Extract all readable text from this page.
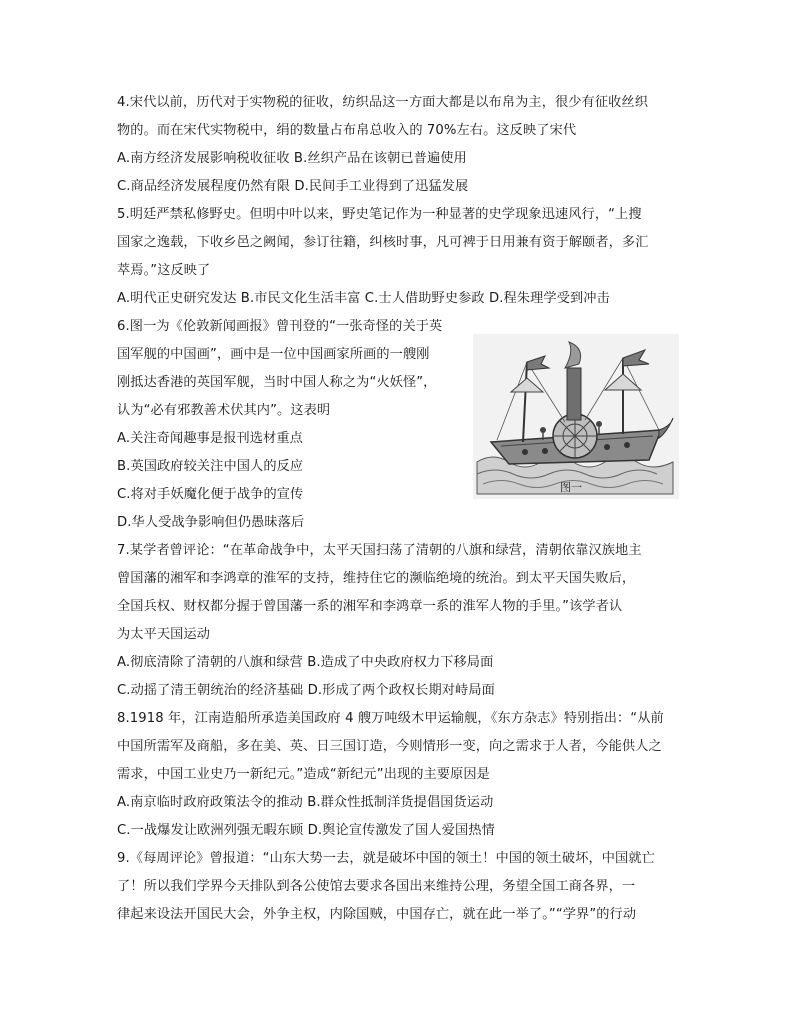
4.宋代以前，历代对于实物税的征收，纺织品这一方面大都是以布帛为主，很少有征收丝织
物的。而在宋代实物税中，绢的数量占布帛总收入的 70%左右。这反映了宋代
A.南方经济发展影响税收征收 B.丝织产品在该朝已普遍使用
C.商品经济发展程度仍然有限 D.民间手工业得到了迅猛发展
5.明廷严禁私修野史。但明中叶以来，野史笔记作为一种显著的史学现象迅速风行，“上搜
国家之逸载，下收乡邑之阙闻，参订往籍，纠核时事，凡可裨于日用兼有资于解颐者，多汇
萃焉。”这反映了
A.明代正史研究发达 B.市民文化生活丰富 C.士人借助野史参政 D.程朱理学受到冲击
6.图一为《伦敦新闻画报》曾刊登的“一张奇怪的关于英
国军舰的中国画”，画中是一位中国画家所画的一艘刚
刚抵达香港的英国军舰，当时中国人称之为“火妖怪”，
认为“必有邪教善术伏其内”。这表明
A.关注奇闻趣事是报刊选材重点
B.英国政府较关注中国人的反应
C.将对手妖魔化便于战争的宣传
D.华人受战争影响但仍愚昧落后
7.某学者曾评论：“在革命战争中，太平天国扫荡了清朝的八旗和绿营，清朝依靠汉族地主
曾国藩的湘军和李鸿章的淮军的支持，维持住它的濒临绝境的统治。到太平天国失败后，
全国兵权、财权都分握于曾国藩一系的湘军和李鸿章一系的淮军人物的手里。”该学者认
为太平天国运动
A.彻底清除了清朝的八旗和绿营 B.造成了中央政府权力下移局面
C.动摇了清王朝统治的经济基础 D.形成了两个政权长期对峙局面
8.1918 年，江南造船所承造美国政府 4 艘万吨级木甲运输舰，《东方杂志》特别指出：“从前
中国所需军及商船，多在美、英、日三国订造，今则情形一变，向之需求于人者，今能供人之
需求，中国工业史乃一新纪元。”造成“新纪元”出现的主要原因是
A.南京临时政府政策法令的推动 B.群众性抵制洋货提倡国货运动
C.一战爆发让欧洲列强无暇东顾 D.舆论宣传激发了国人爱国热情
9.《每周评论》曾报道：“山东大势一去，就是破坏中国的领土！中国的领土破坏，中国就亡
了！所以我们学界今天排队到各公使馆去要求各国出来维持公理，务望全国工商各界，一
律起来设法开国民大会，外争主权，内除国贼，中国存亡，就在此一举了。”“学界”的行动
图一
